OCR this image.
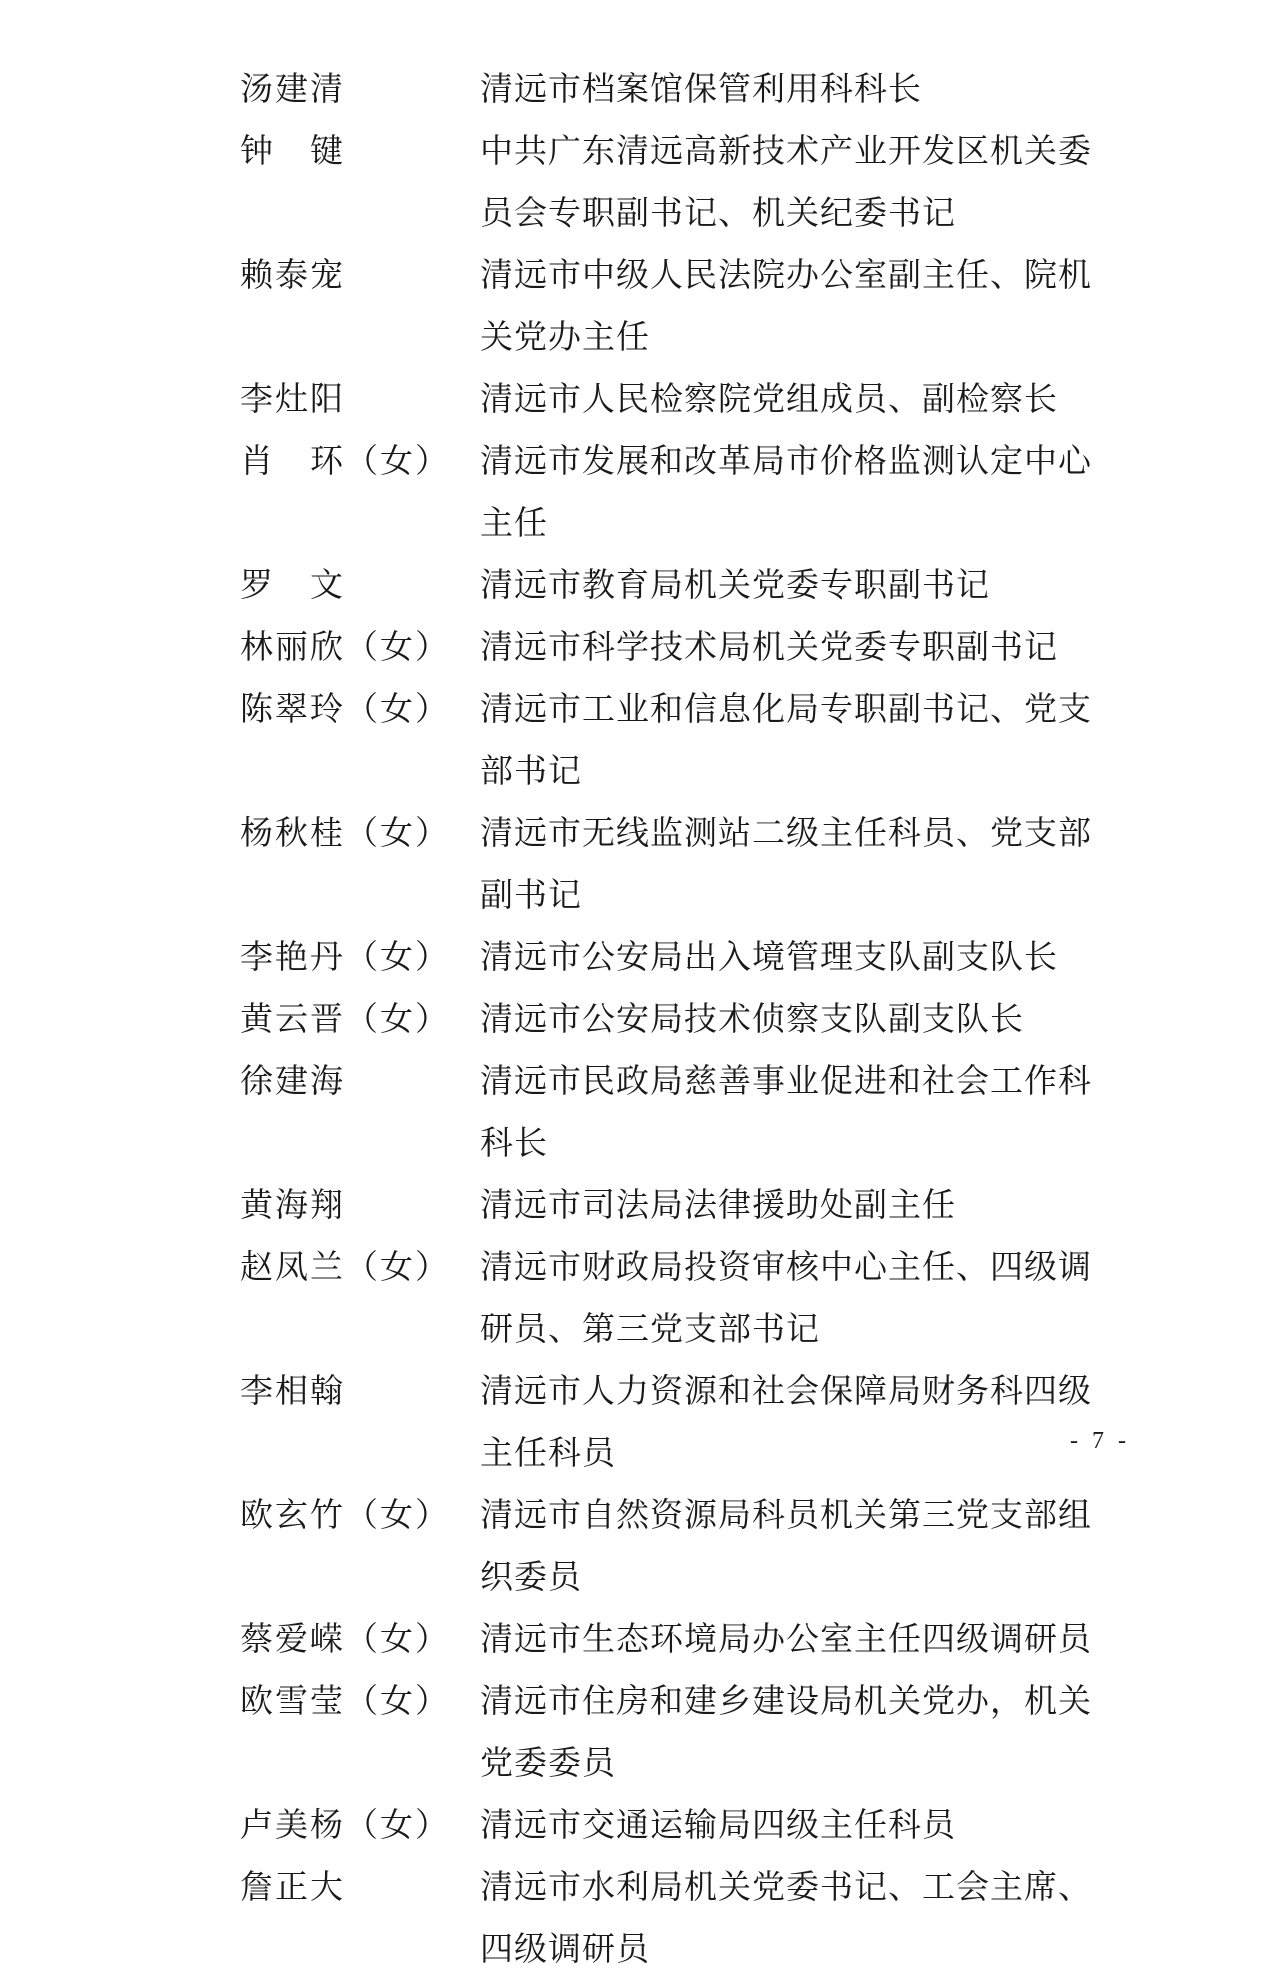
汤建清	清远市档案馆保管利用科科长
钟　键	中共广东清远高新技术产业开发区机关委
员会专职副书记、机关纪委书记
赖泰宠	清远市中级人民法院办公室副主任、院机关党办主任
李灶阳	清远市人民检察院党组成员、副检察长
肖　环（女） 清远市发展和改革局市价格监测认定中心主任
罗　文	清远市教育局机关党委专职副书记
林丽欣（女） 清远市科学技术局机关党委专职副书记
陈翠玲（女） 清远市工业和信息化局专职副书记、党支部书记
杨秋桂（女） 清远市无线监测站二级主任科员、党支部副书记
李艳丹（女） 清远市公安局出入境管理支队副支队长
黄云晋（女） 清远市公安局技术侦察支队副支队长
徐建海	清远市民政局慈善事业促进和社会工作科科长
黄海翔	清远市司法局法律援助处副主任
赵凤兰（女） 清远市财政局投资审核中心主任、四级调
研员、第三党支部书记
李相翰	清远市人力资源和社会保障局财务科四级主任科员
欧玄竹（女） 清远市自然资源局科员机关第三党支部组织委员
蔡爱嵘（女） 清远市生态环境局办公室主任四级调研员
欧雪莹（女） 清远市住房和建乡建设局机关党办，机关党委委员
卢美杨（女） 清远市交通运输局四级主任科员
詹正大	清远市水利局机关党委书记、工会主席、四级调研员
- 7 -
